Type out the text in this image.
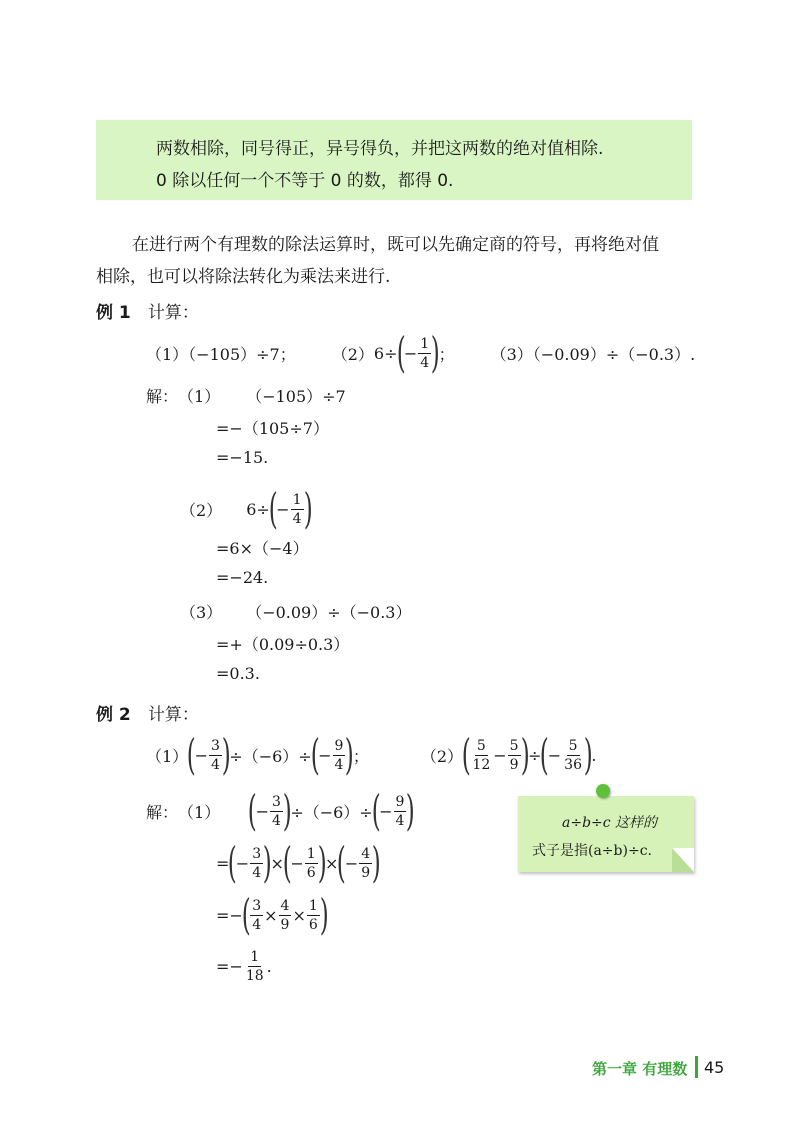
两数相除，同号得正，异号得负，并把这两数的绝对值相除.
0 除以任何一个不等于 0 的数，都得 0.
在进行两个有理数的除法运算时，既可以先确定商的符号，再将绝对值
相除，也可以将除法转化为乘法来进行.
例 1 计算：
（1）（−105）÷7； （2） 6÷
(
− $\frac{1}{4}$ )
； （3）（−0.09）÷（−0.3）.
解： （1） （−105）÷7
=−（105÷7）
=−15.
（2） 6÷
(
− $\frac{1}{4}$ )
=6×（−4）
=−24.
（3） （−0.09）÷（−0.3）
=+（0.09÷0.3）
=0.3.
例 2 计算：
（1）
(
− $\frac{3}{4}$ )
÷（−6）÷
(
− $\frac{9}{4}$ )
；	（2）
( $\frac{5}{12} - \frac{5}{9}$ )
÷
(
− $\frac{5}{36}$ )
.
解： （1） (
− $\frac{3}{4}$ )
÷（−6）÷
(
− $\frac{9}{4}$ )
=
(
− $\frac{3}{4}$ )
×
(
− $\frac{1}{6}$ )
×
(
− $\frac{4}{9}$ )
=−
( $\frac{3}{4} \times \frac{4}{9} \times \frac{1}{6}$ )
=− $\frac{1}{18}$ .
a÷b÷c 这样的
式子是指(a÷b)÷c.
第一章 有理数 45
